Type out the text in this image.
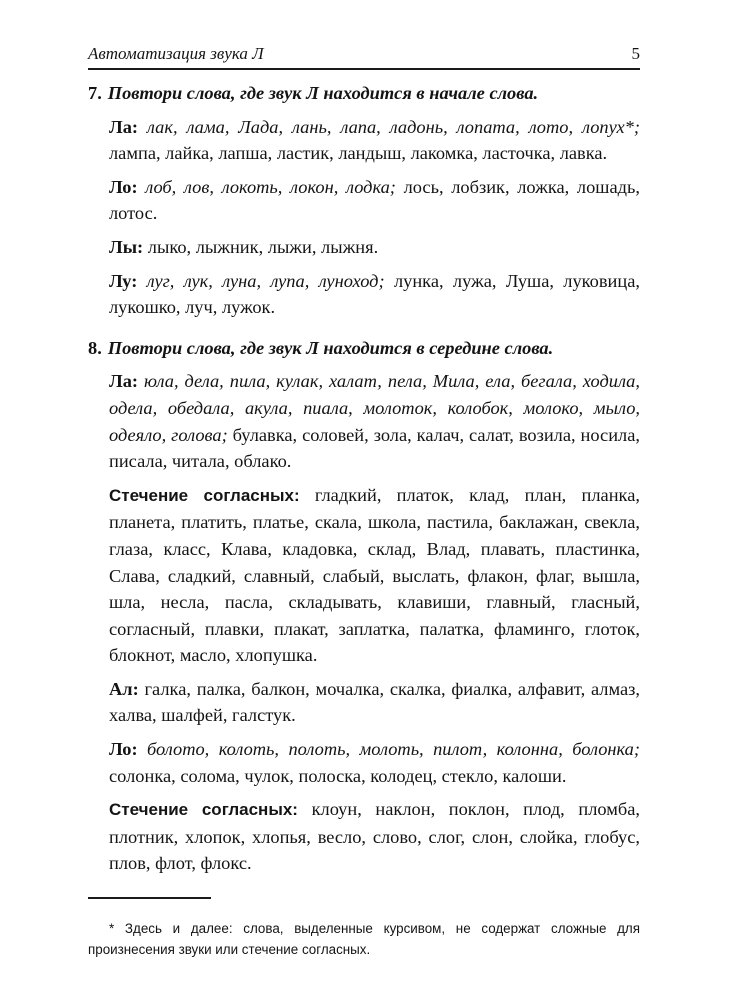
Автоматизация звука Л	5

7. Повтори слова, где звук Л находится в начале слова.

Ла: лак, лама, Лада, лань, лапа, ладонь, лопата, лото, лопух*; лампа, лайка, лапша, ластик, ландыш, лакомка, ласточка, лавка.

Ло: лоб, лов, локоть, локон, лодка; лось, лобзик, ложка, лошадь, лотос.

Лы: лыко, лыжник, лыжи, лыжня.

Лу: луг, лук, луна, лупа, луноход; лунка, лужа, Луша, луковица, лукошко, луч, лужок.

8. Повтори слова, где звук Л находится в середине слова.

Ла: юла, дела, пила, кулак, халат, пела, Мила, ела, бегала, ходила, одела, обедала, акула, пиала, молоток, колобок, молоко, мыло, одеяло, голова; булавка, соловей, зола, калач, салат, возила, носила, писала, читала, облако.

Стечение согласных: гладкий, платок, клад, план, планка, планета, платить, платье, скала, школа, пастила, баклажан, свекла, глаза, класс, Клава, кладовка, склад, Влад, плавать, пластинка, Слава, сладкий, славный, слабый, выслать, флакон, флаг, вышла, шла, несла, пасла, складывать, клавиши, главный, гласный, согласный, плавки, плакат, заплатка, палатка, фламинго, глоток, блокнот, масло, хлопушка.

Ал: галка, палка, балкон, мочалка, скалка, фиалка, алфавит, алмаз, халва, шалфей, галстук.

Ло: болото, колоть, полоть, молоть, пилот, колонна, болонка; солонка, солома, чулок, полоска, колодец, стекло, калоши.

Стечение согласных: клоун, наклон, поклон, плод, пломба, плотник, хлопок, хлопья, весло, слово, слог, слон, слойка, глобус, плов, флот, флокс.

* Здесь и далее: слова, выделенные курсивом, не содержат сложные для произнесения звуки или стечение согласных.
